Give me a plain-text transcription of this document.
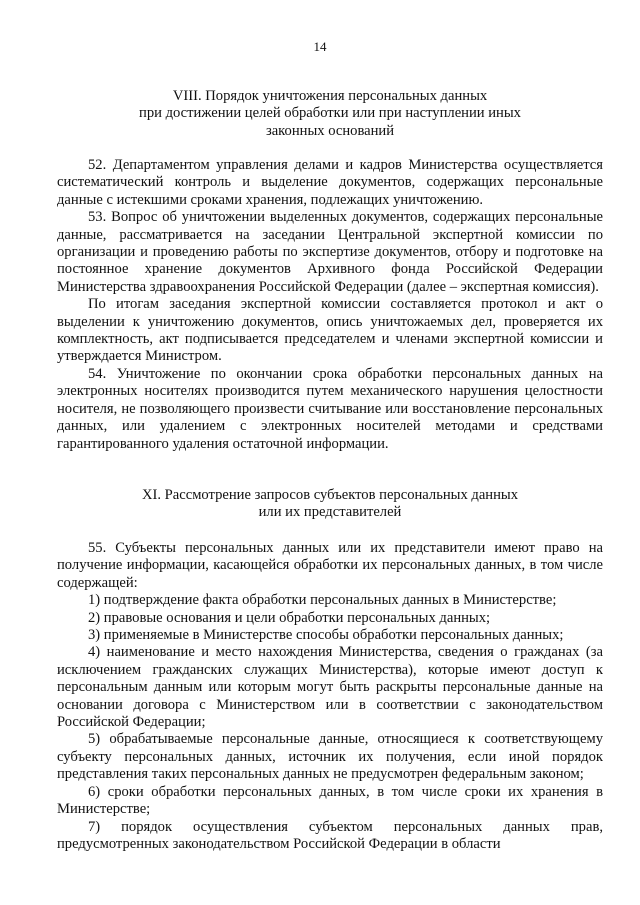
14
VIII. Порядок уничтожения персональных данных
при достижении целей обработки или при наступлении иных
законных оснований

52. Департаментом управления делами и кадров Министерства осуществляется систематический контроль и выделение документов, содержащих персональные данные с истекшими сроками хранения, подлежащих уничтожению.

53. Вопрос об уничтожении выделенных документов, содержащих персональные данные, рассматривается на заседании Центральной экспертной комиссии по организации и проведению работы по экспертизе документов, отбору и подготовке на постоянное хранение документов Архивного фонда Российской Федерации Министерства здравоохранения Российской Федерации (далее – экспертная комиссия).

По итогам заседания экспертной комиссии составляется протокол и акт о выделении к уничтожению документов, опись уничтожаемых дел, проверяется их комплектность, акт подписывается председателем и членами экспертной комиссии и утверждается Министром.

54. Уничтожение по окончании срока обработки персональных данных на электронных носителях производится путем механического нарушения целостности носителя, не позволяющего произвести считывание или восстановление персональных данных, или удалением с электронных носителей методами и средствами гарантированного удаления остаточной информации.

XI. Рассмотрение запросов субъектов персональных данных
или их представителей

55. Субъекты персональных данных или их представители имеют право на получение информации, касающейся обработки их персональных данных, в том числе содержащей:

1) подтверждение факта обработки персональных данных в Министерстве;

2) правовые основания и цели обработки персональных данных;

3) применяемые в Министерстве способы обработки персональных данных;

4) наименование и место нахождения Министерства, сведения о гражданах (за исключением гражданских служащих Министерства), которые имеют доступ к персональным данным или которым могут быть раскрыты персональные данные на основании договора с Министерством или в соответствии с законодательством Российской Федерации;

5) обрабатываемые персональные данные, относящиеся к соответствующему субъекту персональных данных, источник их получения, если иной порядок представления таких персональных данных не предусмотрен федеральным законом;

6) сроки обработки персональных данных, в том числе сроки их хранения в Министерстве;

7) порядок осуществления субъектом персональных данных прав, предусмотренных законодательством Российской Федерации в области
